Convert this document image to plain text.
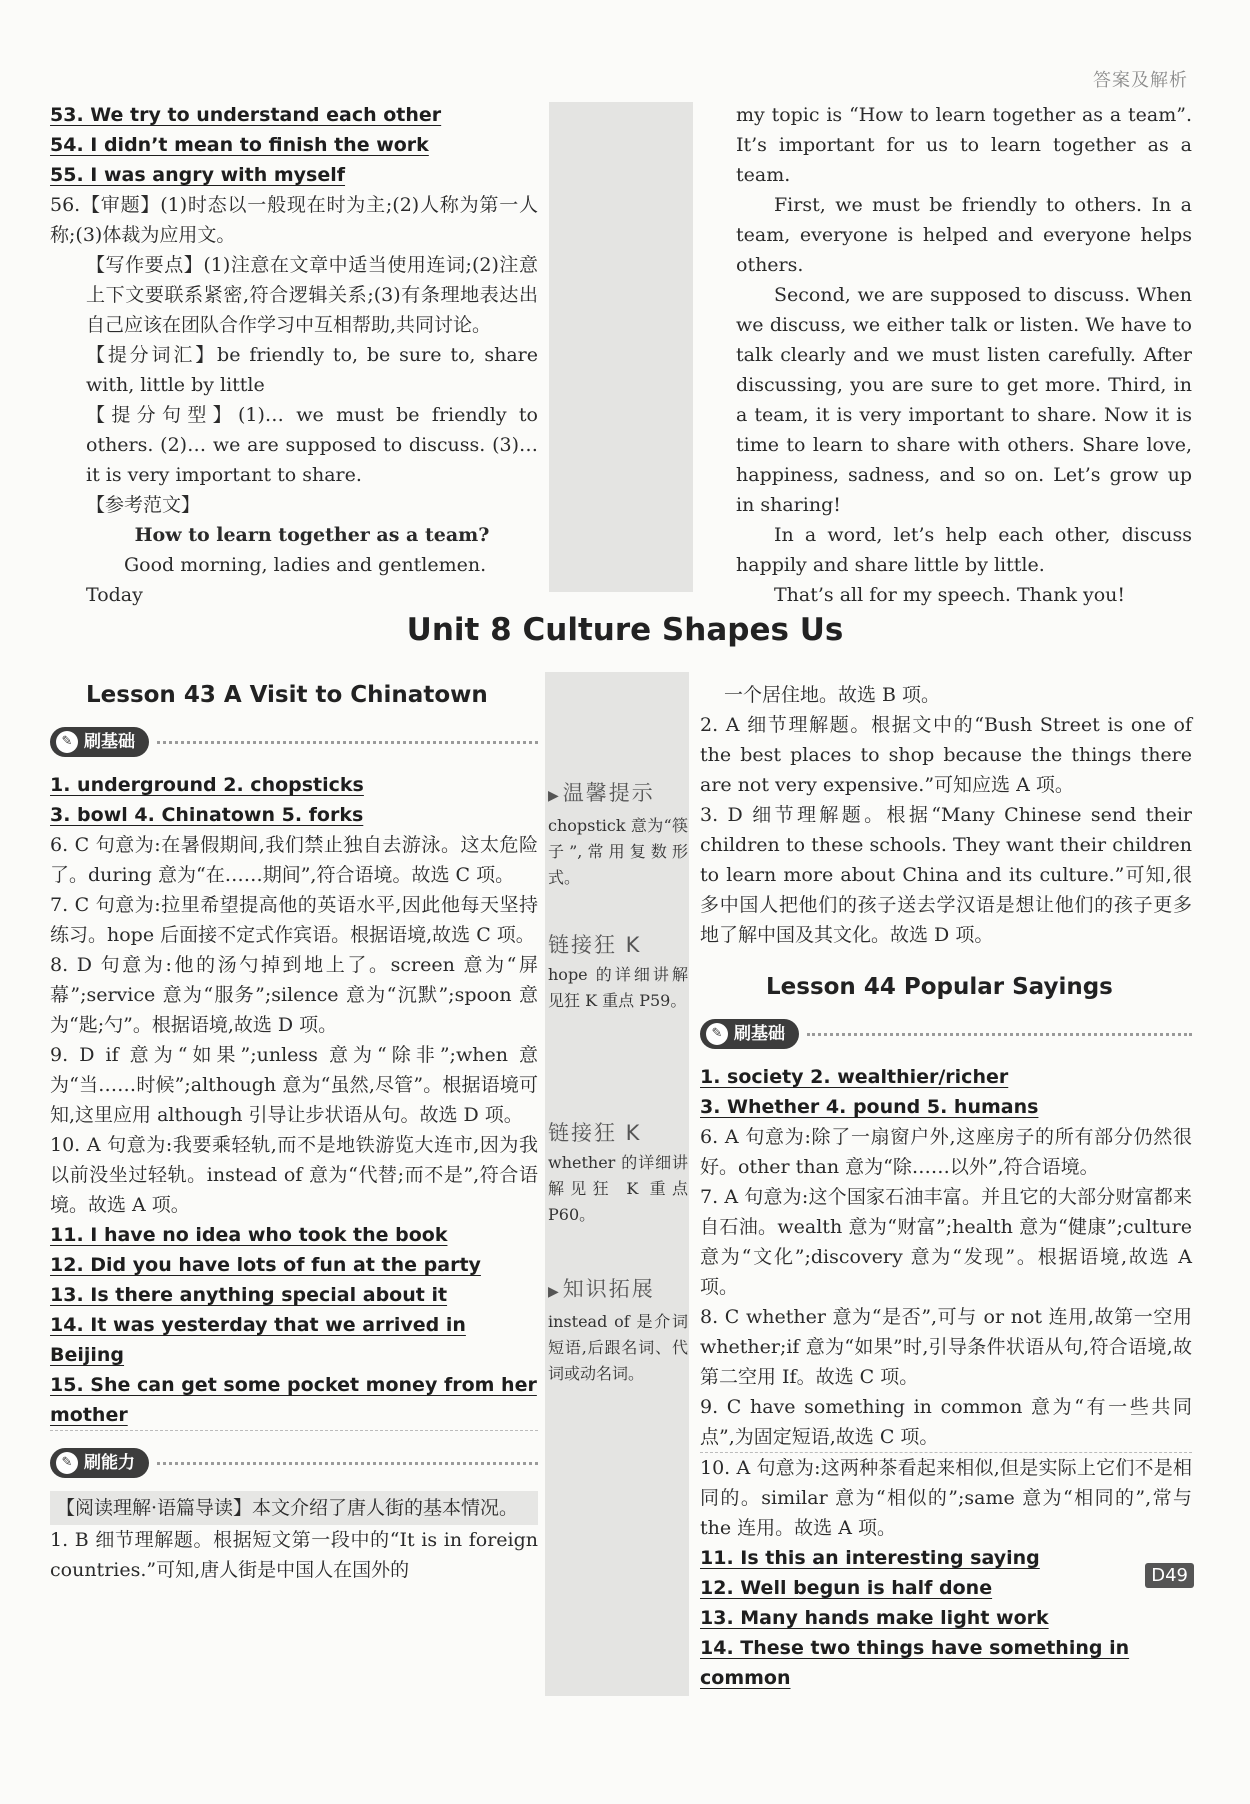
答案及解析

53. We try to understand each other

54. I didn’t mean to finish the work

55. I was angry with myself

56.【审题】(1)时态以一般现在时为主;(2)人称为第一人称;(3)体裁为应用文。

【写作要点】(1)注意在文章中适当使用连词;(2)注意上下文要联系紧密,符合逻辑关系;(3)有条理地表达出自己应该在团队合作学习中互相帮助,共同讨论。

【提分词汇】be friendly to, be sure to, share with, little by little

【提分句型】(1)… we must be friendly to others. (2)… we are supposed to discuss. (3)… it is very important to share.

【参考范文】

How to learn together as a team?

Good morning, ladies and gentlemen. Today

my topic is “How to learn together as a team”. It’s important for us to learn together as a team.

First, we must be friendly to others. In a team, everyone is helped and everyone helps others.

Second, we are supposed to discuss. When we discuss, we either talk or listen. We have to talk clearly and we must listen carefully. After discussing, you are sure to get more. Third, in a team, it is very important to share. Now it is time to learn to share with others. Share love, happiness, sadness, and so on. Let’s grow up in sharing!

In a word, let’s help each other, discuss happily and share little by little.

That’s all for my speech. Thank you!

Unit 8 Culture Shapes Us

Lesson 43 A Visit to Chinatown

✎ 刷基础

1. underground 2. chopsticks

3. bowl 4. Chinatown 5. forks

6. C 句意为:在暑假期间,我们禁止独自去游泳。这太危险了。during 意为“在……期间”,符合语境。故选 C 项。

7. C 句意为:拉里希望提高他的英语水平,因此他每天坚持练习。hope 后面接不定式作宾语。根据语境,故选 C 项。

8. D 句意为:他的汤勺掉到地上了。screen 意为“屏幕”;service 意为“服务”;silence 意为“沉默”;spoon 意为“匙;勺”。根据语境,故选 D 项。

9. D if 意为“如果”;unless 意为“除非”;when 意为“当……时候”;although 意为“虽然,尽管”。根据语境可知,这里应用 although 引导让步状语从句。故选 D 项。

10. A 句意为:我要乘轻轨,而不是地铁游览大连市,因为我以前没坐过轻轨。instead of 意为“代替;而不是”,符合语境。故选 A 项。

11. I have no idea who took the book

12. Did you have lots of fun at the party

13. Is there anything special about it

14. It was yesterday that we arrived in Beijing

15. She can get some pocket money from her mother

✎ 刷能力

【阅读理解·语篇导读】本文介绍了唐人街的基本情况。

1. B 细节理解题。根据短文第一段中的“It is in foreign countries.”可知,唐人街是中国人在国外的

▶温馨提示
chopstick 意为“筷子”,常用复数形式。
链接狂 K
hope 的详细讲解见狂 K 重点 P59。
链接狂 K
whether 的详细讲解见狂 K 重点 P60。
▶知识拓展
instead of 是介词短语,后跟名词、代词或动名词。

一个居住地。故选 B 项。

2. A 细节理解题。根据文中的“Bush Street is one of the best places to shop because the things there are not very expensive.”可知应选 A 项。

3. D 细节理解题。根据“Many Chinese send their children to these schools. They want their children to learn more about China and its culture.”可知,很多中国人把他们的孩子送去学汉语是想让他们的孩子更多地了解中国及其文化。故选 D 项。

Lesson 44 Popular Sayings

✎ 刷基础

1. society 2. wealthier/richer

3. Whether 4. pound 5. humans

6. A 句意为:除了一扇窗户外,这座房子的所有部分仍然很好。other than 意为“除……以外”,符合语境。

7. A 句意为:这个国家石油丰富。并且它的大部分财富都来自石油。wealth 意为“财富”;health 意为“健康”;culture 意为“文化”;discovery 意为“发现”。根据语境,故选 A 项。

8. C whether 意为“是否”,可与 or not 连用,故第一空用 whether;if 意为“如果”时,引导条件状语从句,符合语境,故第二空用 If。故选 C 项。

9. C have something in common 意为“有一些共同点”,为固定短语,故选 C 项。

10. A 句意为:这两种茶看起来相似,但是实际上它们不是相同的。similar 意为“相似的”;same 意为“相同的”,常与 the 连用。故选 A 项。

11. Is this an interesting saying

12. Well begun is half done

13. Many hands make light work

14. These two things have something in common

D49
